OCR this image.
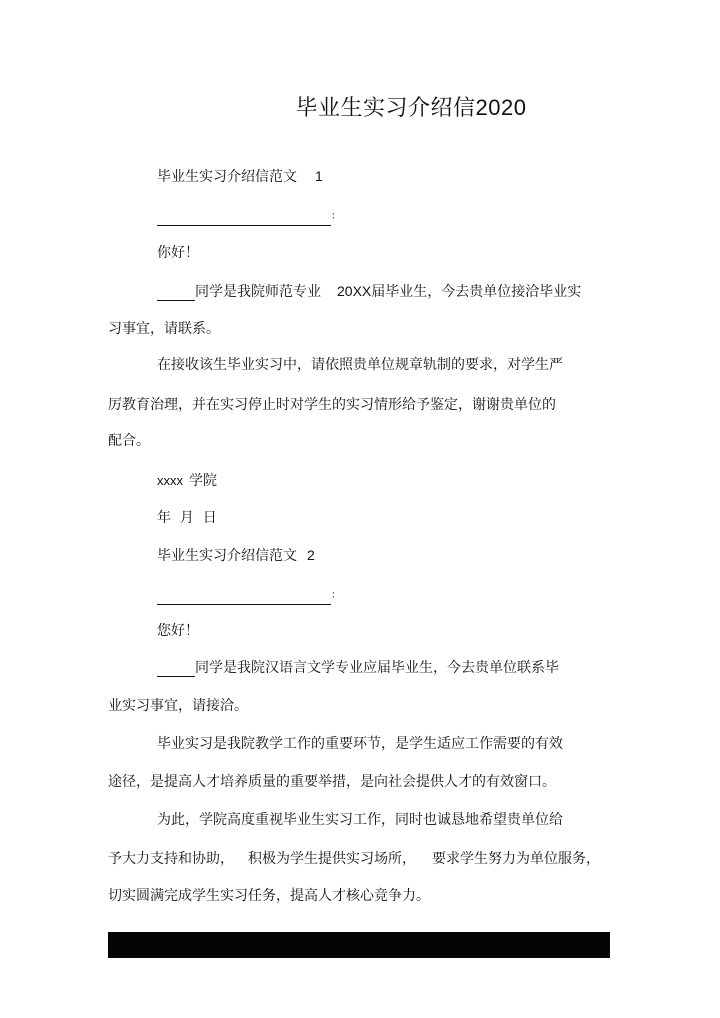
毕业生实习介绍信2020
毕业生实习介绍信范文 1
：
你好！
同学是我院师范专业 20XX届毕业生，今去贵单位接洽毕业实
习事宜，请联系。
在接收该生毕业实习中，请依照贵单位规章轨制的要求，对学生严
厉教育治理，并在实习停止时对学生的实习情形给予鉴定，谢谢贵单位的
配合。
xxxx 学院
年  月  日
毕业生实习介绍信范文 2
：
您好！
同学是我院汉语言文学专业应届毕业生，今去贵单位联系毕
业实习事宜，请接洽。
毕业实习是我院教学工作的重要环节，是学生适应工作需要的有效
途径，是提高人才培养质量的重要举措，是向社会提供人才的有效窗口。
为此，学院高度重视毕业生实习工作，同时也诚恳地希望贵单位给
予大力支持和协助， 积极为学生提供实习场所， 要求学生努力为单位服务，
切实圆满完成学生实习任务，提高人才核心竞争力。
